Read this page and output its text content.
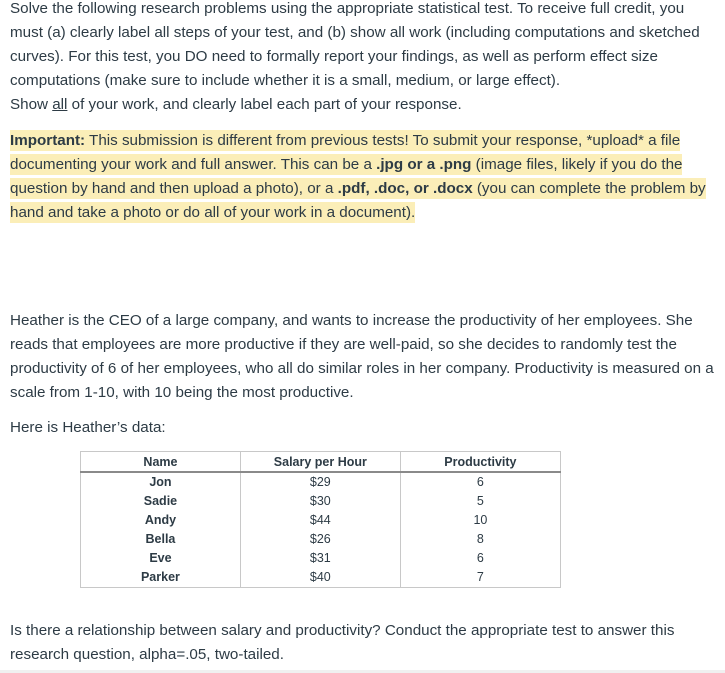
Solve the following research problems using the appropriate statistical test. To receive full credit, you must (a) clearly label all steps of your test, and (b) show all work (including computations and sketched curves). For this test, you DO need to formally report your findings, as well as perform effect size computations (make sure to include whether it is a small, medium, or large effect).
Show all of your work, and clearly label each part of your response.

Important: This submission is different from previous tests! To submit your response, *upload* a file documenting your work and full answer. This can be a .jpg or a .png (image files, likely if you do the question by hand and then upload a photo), or a .pdf, .doc, or .docx (you can complete the problem by hand and take a photo or do all of your work in a document).

Heather is the CEO of a large company, and wants to increase the productivity of her employees. She reads that employees are more productive if they are well-paid, so she decides to randomly test the productivity of 6 of her employees, who all do similar roles in her company. Productivity is measured on a scale from 1-10, with 10 being the most productive.

Here is Heather’s data:

Is there a relationship between salary and productivity? Conduct the appropriate test to answer this research question, alpha=.05, two-tailed.

Name	Salary per Hour	Productivity
Jon	$29	6
Sadie	$30	5
Andy	$44	10
Bella	$26	8
Eve	$31	6
Parker	$40	7
